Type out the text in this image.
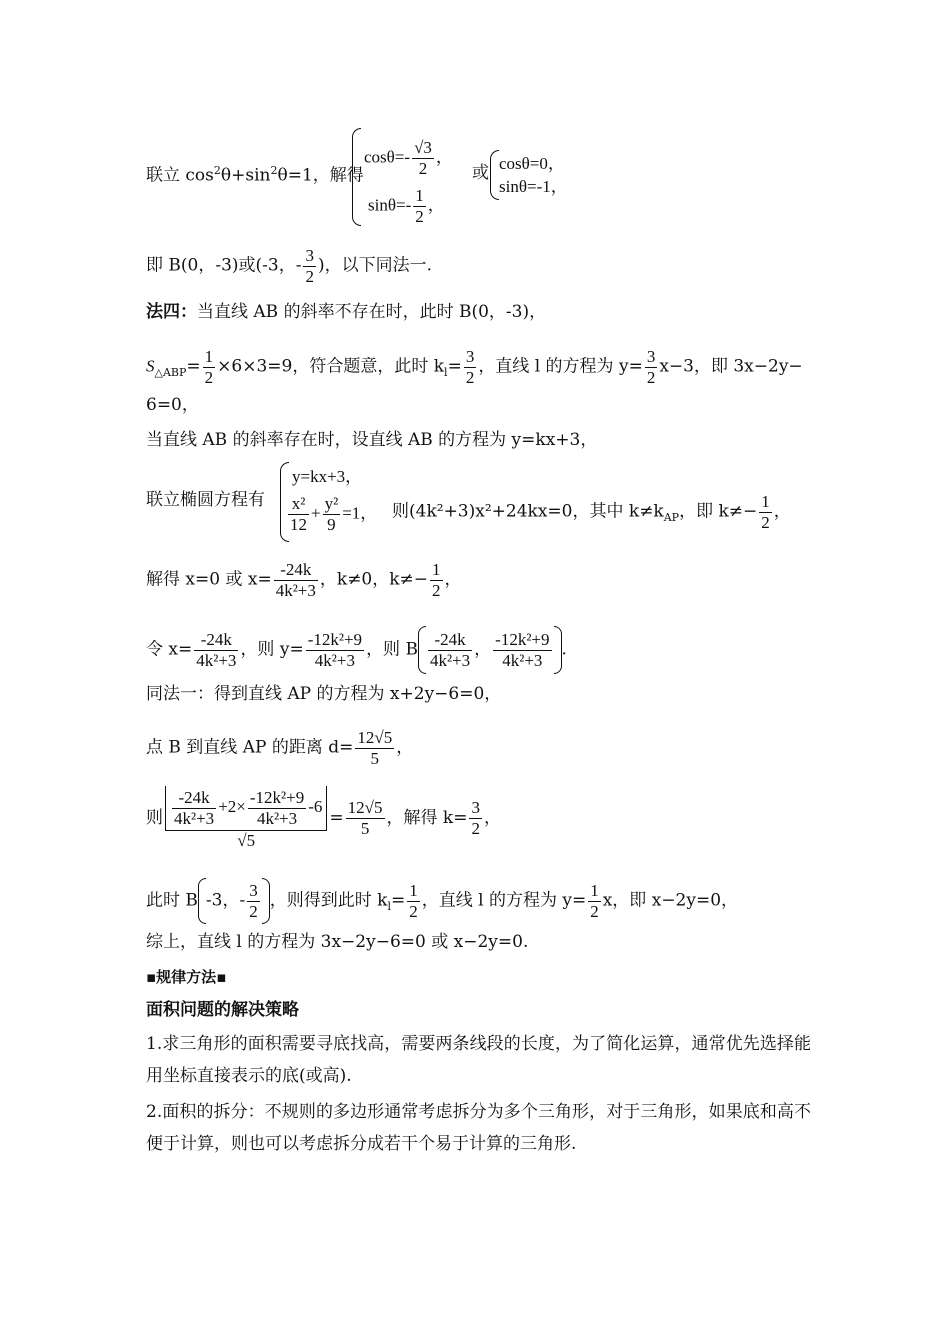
联立 $\cos^2\theta+\sin^2\theta=1$，解得
$\cos\theta=- \frac{√3}{2}$ ，
$\sin\theta=- \frac{1}{2}$ ，
或 cosθ=0，
sinθ=-1，
即 B(0，-3)或(-3，- $\frac{3}{2}$ )，以下同法一.
法四：当直线 AB 的斜率不存在时，此时 B(0，-3)，
$S_{\triangle ABP}= \frac{1}{2} \times 6\times 3=9$，符合题意，此时 $k_l= \frac{3}{2}$ ，直线 l 的方程为 $y= \frac{3}{2} x-3$，即 3x−2y−
6=0，
当直线 AB 的斜率存在时，设直线 AB 的方程为 y=kx+3，
联立椭圆方程有
y=kx+3，
$\frac{\text{x²}}{12} + \frac{\text{y²}}{9} =1$， 则(4k²+3)x²+24kx=0，其中 $k\ne k_{AP}$，即 $k\ne- \frac{1}{2}$ ，
解得 x=0 或 $x= \frac{-24k}{\text{4k²+3}}$ ，k≠0，$k\ne- \frac{1}{2}$ ，
令 $x= \frac{-24k}{\text{4k²+3}}$ ，则 $y= \frac{\text{-12k²+9}}{\text{4k²+3}}$ ，则 B $\frac{-24k}{\text{4k²+3}}$ ， $\frac{\text{-12k²+9}}{\text{4k²+3}}$ .
同法一：得到直线 AP 的方程为 x+2y−6=0，
点 B 到直线 AP 的距离 $d= \frac{12√5}{5}$ ，
则 $\frac{\frac{-24k}{\text{4k²+3}} +2\times \frac{\text{-12k²+9}}{\text{4k²+3}} -6}{√5} = \frac{12√5}{5}$ ，解得 $k= \frac{3}{2}$ ，
此时 B -3，- $\frac{3}{2}$ ，则得到此时 $k_l= \frac{1}{2}$ ，直线 l 的方程为 $y= \frac{1}{2}$ x，即 x−2y=0，
综上，直线 l 的方程为 3x−2y−6=0 或 x−2y=0.
▪规律方法▪
面积问题的解决策略
1.求三角形的面积需要寻底找高，需要两条线段的长度，为了简化运算，通常优先选择能用坐标直接表示的底(或高).
2.面积的拆分：不规则的多边形通常考虑拆分为多个三角形，对于三角形，如果底和高不便于计算，则也可以考虑拆分成若干个易于计算的三角形.
